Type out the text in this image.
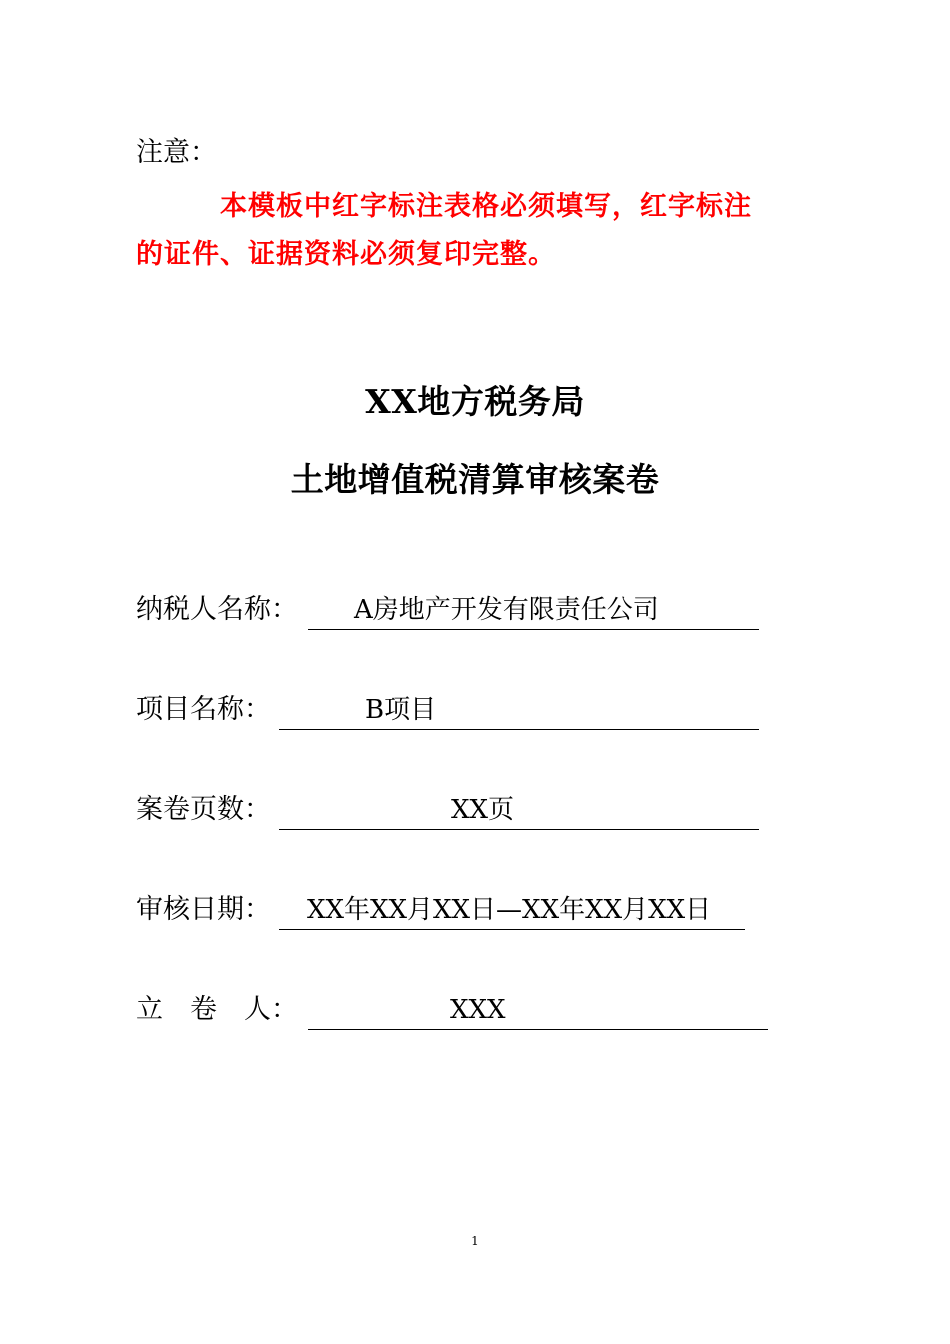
注意：
本模板中红字标注表格必须填写，红字标注的证件、证据资料必须复印完整。
XX地方税务局
土地增值税清算审核案卷
纳税人名称： A房地产开发有限责任公司
项目名称：	B项目
案卷页数：	XX页
审核日期： XX年XX月XX日—XX年XX月XX日
立　卷　人：	XXX
1
